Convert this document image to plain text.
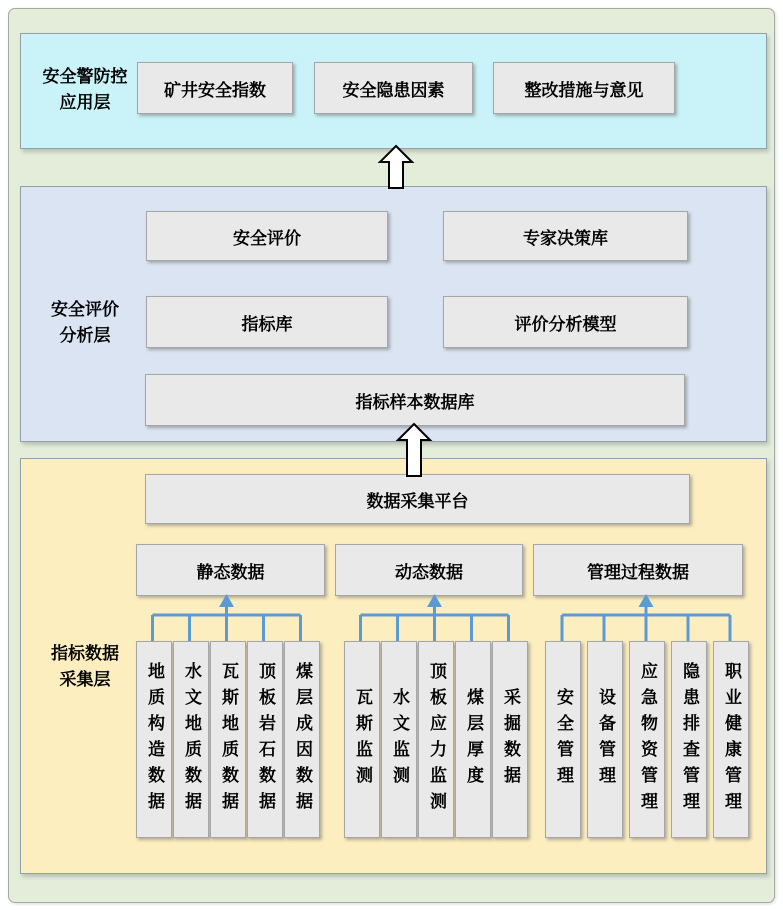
安全警防控
应用层
矿井安全指数	安全隐患因素	整改措施与意见
安全评价
分析层
安全评价	专家决策库
指标库	评价分析模型
指标样本数据库
指标数据
采集层
数据采集平台
静态数据	动态数据	管理过程数据
地质构造数据	水文地质数据	瓦斯地质数据	顶板岩石数据	煤层成因数据	瓦斯监测	水文监测	顶板应力监测	煤层厚度	采掘数据	安全管理	设备管理	应急物资管理	隐患排查管理	职业健康管理
